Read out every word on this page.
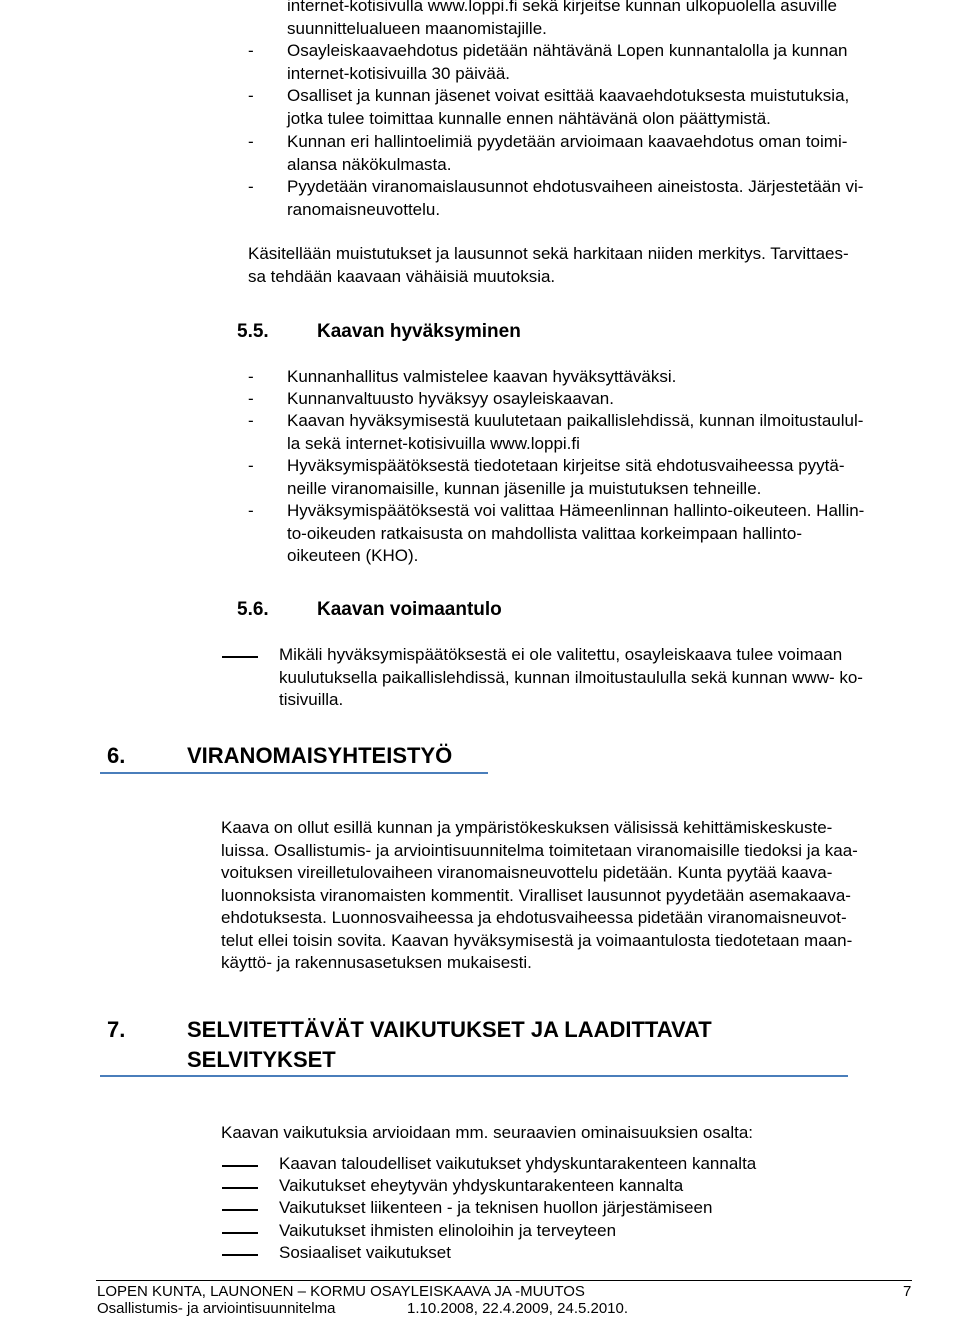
internet-kotisivulla www.loppi.fi sekä kirjeitse kunnan ulkopuolella asuville
suunnittelualueen maanomistajille.
- Osayleiskaavaehdotus pidetään nähtävänä Lopen kunnantalolla ja kunnan
internet-kotisivuilla 30 päivää.
- Osalliset ja kunnan jäsenet voivat esittää kaavaehdotuksesta muistutuksia,
jotka tulee toimittaa kunnalle ennen nähtävänä olon päättymistä.
- Kunnan eri hallintoelimiä pyydetään arvioimaan kaavaehdotus oman toimi-
alansa näkökulmasta.
- Pyydetään viranomaislausunnot ehdotusvaiheen aineistosta. Järjestetään vi-
ranomaisneuvottelu.
Käsitellään muistutukset ja lausunnot sekä harkitaan niiden merkitys. Tarvittaes-
sa tehdään kaavaan vähäisiä muutoksia.
5.5.	Kaavan hyväksyminen
- Kunnanhallitus valmistelee kaavan hyväksyttäväksi.
- Kunnanvaltuusto hyväksyy osayleiskaavan.
- Kaavan hyväksymisestä kuulutetaan paikallislehdissä, kunnan ilmoitustaulul-
la sekä internet-kotisivuilla www.loppi.fi
- Hyväksymispäätöksestä tiedotetaan kirjeitse sitä ehdotusvaiheessa pyytä-
neille viranomaisille, kunnan jäsenille ja muistutuksen tehneille.
- Hyväksymispäätöksestä voi valittaa Hämeenlinnan hallinto-oikeuteen. Hallin-
to-oikeuden ratkaisusta on mahdollista valittaa korkeimpaan hallinto-
oikeuteen (KHO).
5.6.	Kaavan voimaantulo
Mikäli hyväksymispäätöksestä ei ole valitettu, osayleiskaava tulee voimaan
kuulutuksella paikallislehdissä, kunnan ilmoitustaululla sekä kunnan www- ko-
tisivuilla.
6.	VIRANOMAISYHTEISTYÖ
Kaava on ollut esillä kunnan ja ympäristökeskuksen välisissä kehittämiskeskuste-
luissa. Osallistumis- ja arviointisuunnitelma toimitetaan viranomaisille tiedoksi ja kaa-
voituksen vireilletulovaiheen viranomaisneuvottelu pidetään. Kunta pyytää kaava-
luonnoksista viranomaisten kommentit. Viralliset lausunnot pyydetään asemakaava-
ehdotuksesta. Luonnosvaiheessa ja ehdotusvaiheessa pidetään viranomaisneuvot-
telut ellei toisin sovita. Kaavan hyväksymisestä ja voimaantulosta tiedotetaan maan-
käyttö- ja rakennusasetuksen mukaisesti.
7.	SELVITETTÄVÄT VAIKUTUKSET JA LAADITTAVAT
SELVITYKSET
Kaavan vaikutuksia arvioidaan mm. seuraavien ominaisuuksien osalta:
Kaavan taloudelliset vaikutukset yhdyskuntarakenteen kannalta
Vaikutukset eheytyvän yhdyskuntarakenteen kannalta
Vaikutukset liikenteen - ja teknisen huollon järjestämiseen
Vaikutukset ihmisten elinoloihin ja terveyteen
Sosiaaliset vaikutukset
LOPEN KUNTA, LAUNONEN – KORMU OSAYLEISKAAVA JA -MUUTOS	7
Osallistumis- ja arviointisuunnitelma	1.10.2008, 22.4.2009, 24.5.2010.
